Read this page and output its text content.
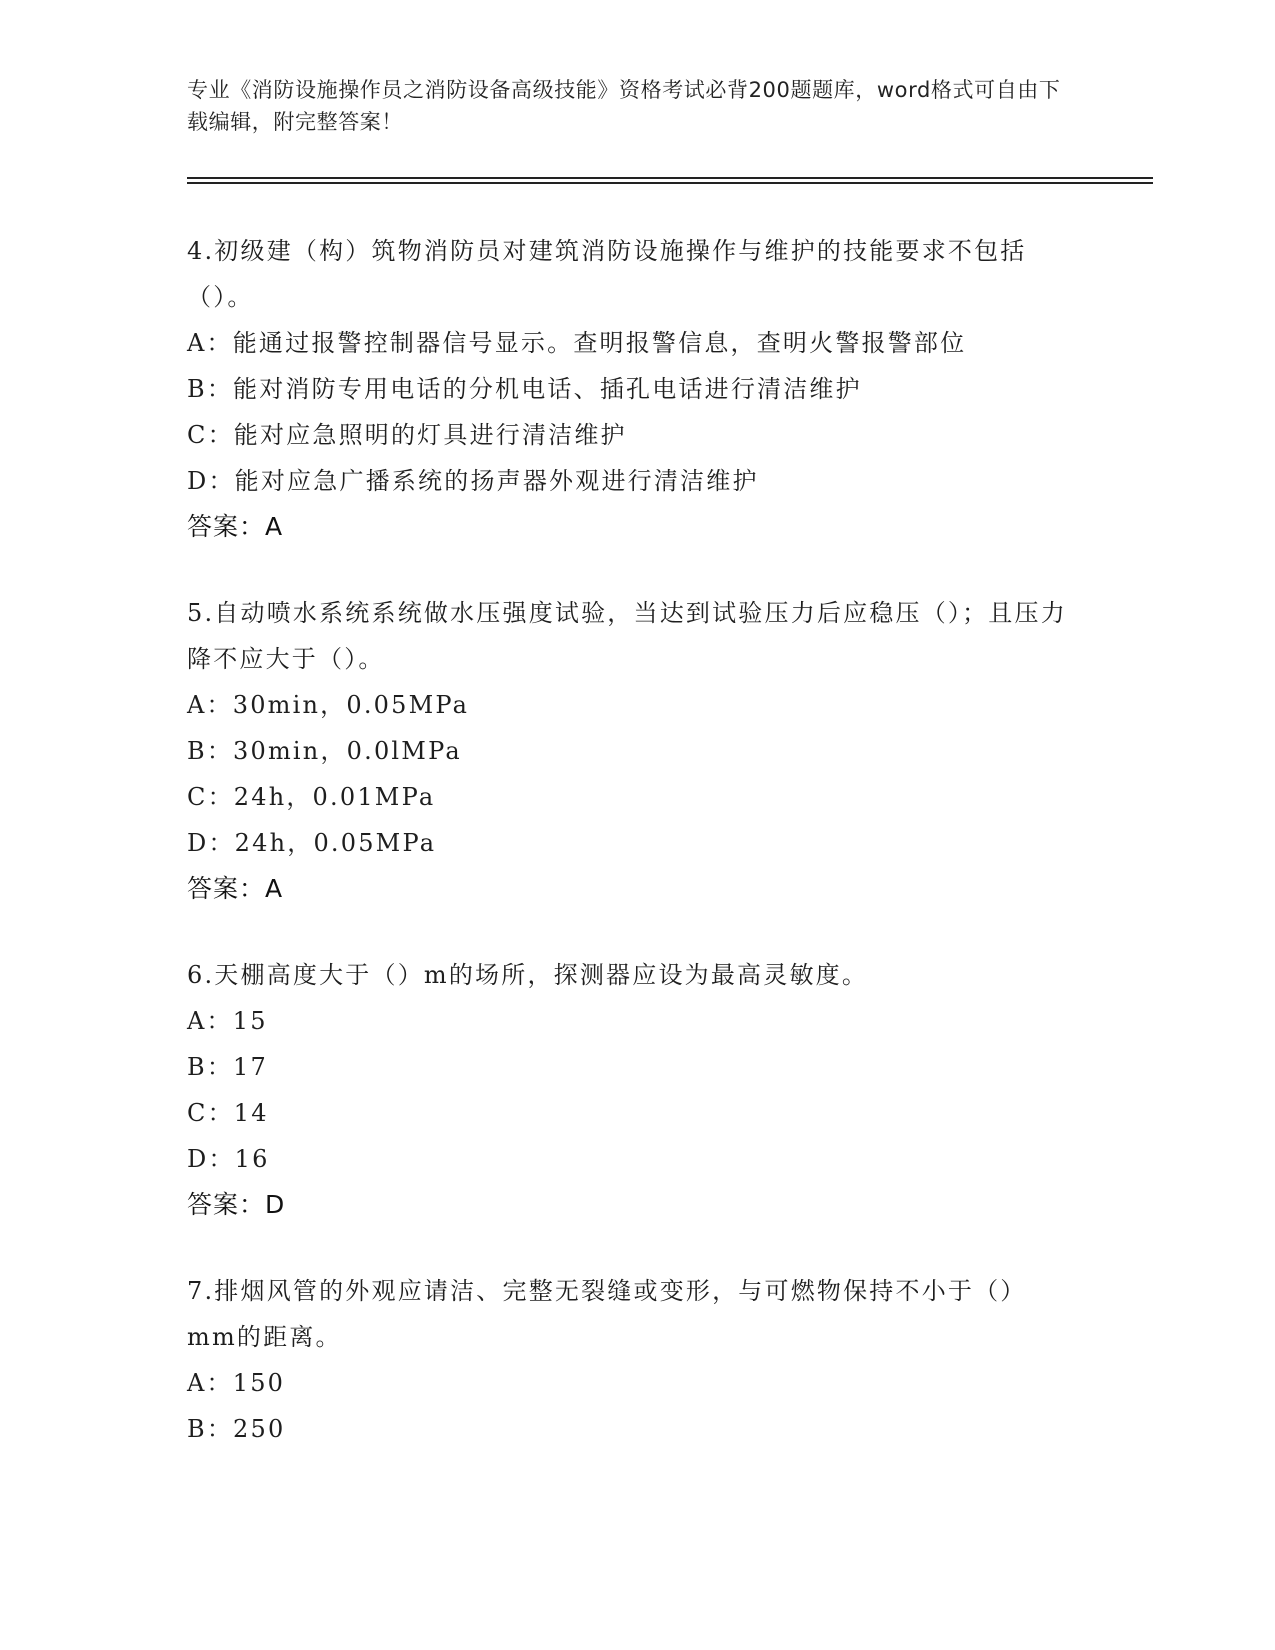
专业《消防设施操作员之消防设备高级技能》资格考试必背200题题库，word格式可自由下载编辑，附完整答案！

4.初级建（构）筑物消防员对建筑消防设施操作与维护的技能要求不包括（）。

A：能通过报警控制器信号显示。查明报警信息，查明火警报警部位

B：能对消防专用电话的分机电话、插孔电话进行清洁维护

C：能对应急照明的灯具进行清洁维护

D：能对应急广播系统的扬声器外观进行清洁维护

答案：A

5.自动喷水系统系统做水压强度试验，当达到试验压力后应稳压（）；且压力降不应大于（）。

A：30min，0.05MPa

B：30min，0.0lMPa

C：24h，0.01MPa

D：24h，0.05MPa

答案：A

6.天棚高度大于（）m的场所，探测器应设为最高灵敏度。

A：15

B：17

C：14

D：16

答案：D

7.排烟风管的外观应请洁、完整无裂缝或变形，与可燃物保持不小于（）mm的距离。

A：150

B：250
